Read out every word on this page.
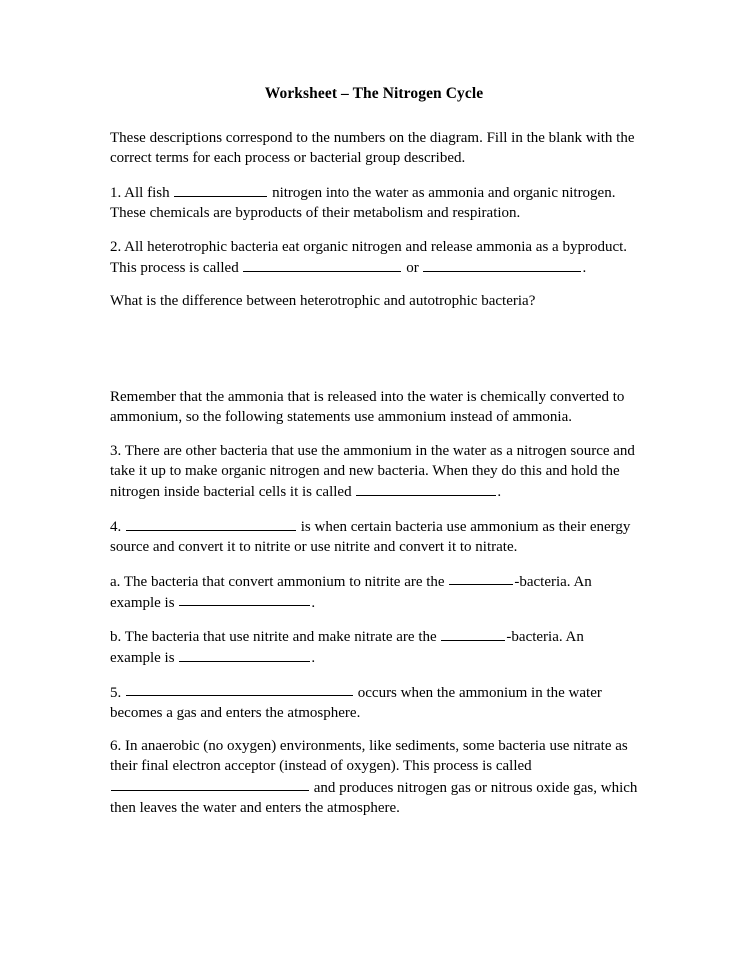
Worksheet – The Nitrogen Cycle

These descriptions correspond to the numbers on the diagram. Fill in the blank with the correct terms for each process or bacterial group described.

1. All fish	nitrogen into the water as ammonia and organic nitrogen. These chemicals are byproducts of their metabolism and respiration.

2. All heterotrophic bacteria eat organic nitrogen and release ammonia as a byproduct. This process is called	or	.

What is the difference between heterotrophic and autotrophic bacteria?

Remember that the ammonia that is released into the water is chemically converted to ammonium, so the following statements use ammonium instead of ammonia.

3. There are other bacteria that use the ammonium in the water as a nitrogen source and take it up to make organic nitrogen and new bacteria. When they do this and hold the nitrogen inside bacterial cells it is called	.

4.	is when certain bacteria use ammonium as their energy source and convert it to nitrite or use nitrite and convert it to nitrate.

a. The bacteria that convert ammonium to nitrite are the	-bacteria. An example is	.

b. The bacteria that use nitrite and make nitrate are the	-bacteria. An example is	.

5.	occurs when the ammonium in the water becomes a gas and enters the atmosphere.

6. In anaerobic (no oxygen) environments, like sediments, some bacteria use nitrate as their final electron acceptor (instead of oxygen). This process is called
and produces nitrogen gas or nitrous oxide gas, which then leaves the water and enters the atmosphere.
